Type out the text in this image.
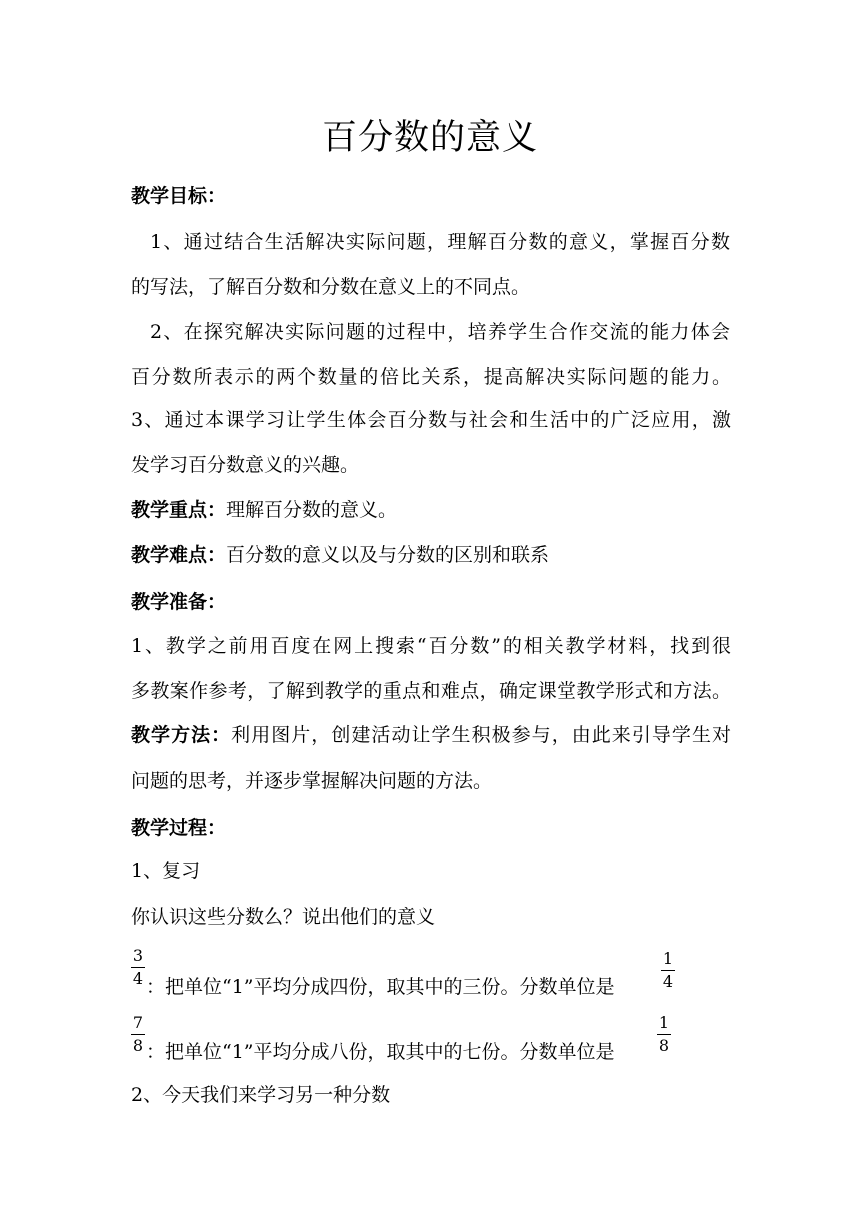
百分数的意义
教学目标：
1、通过结合生活解决实际问题，理解百分数的意义，掌握百分数
的写法，了解百分数和分数在意义上的不同点。
2、在探究解决实际问题的过程中，培养学生合作交流的能力体会
百分数所表示的两个数量的倍比关系，提高解决实际问题的能力。
3、通过本课学习让学生体会百分数与社会和生活中的广泛应用，激
发学习百分数意义的兴趣。
教学重点：理解百分数的意义。
教学难点：百分数的意义以及与分数的区别和联系
教学准备：
1、教学之前用百度在网上搜索“百分数”的相关教学材料，找到很
多教案作参考，了解到教学的重点和难点，确定课堂教学形式和方法。
教学方法：利用图片，创建活动让学生积极参与，由此来引导学生对
问题的思考，并逐步掌握解决问题的方法。
教学过程：
1、复习
你认识这些分数么？说出他们的意义
3
4 ：把单位“1”平均分成四份，取其中的三份。分数单位是
1
4
7
8 ：把单位“1”平均分成八份，取其中的七份。分数单位是
1
8
2、今天我们来学习另一种分数
